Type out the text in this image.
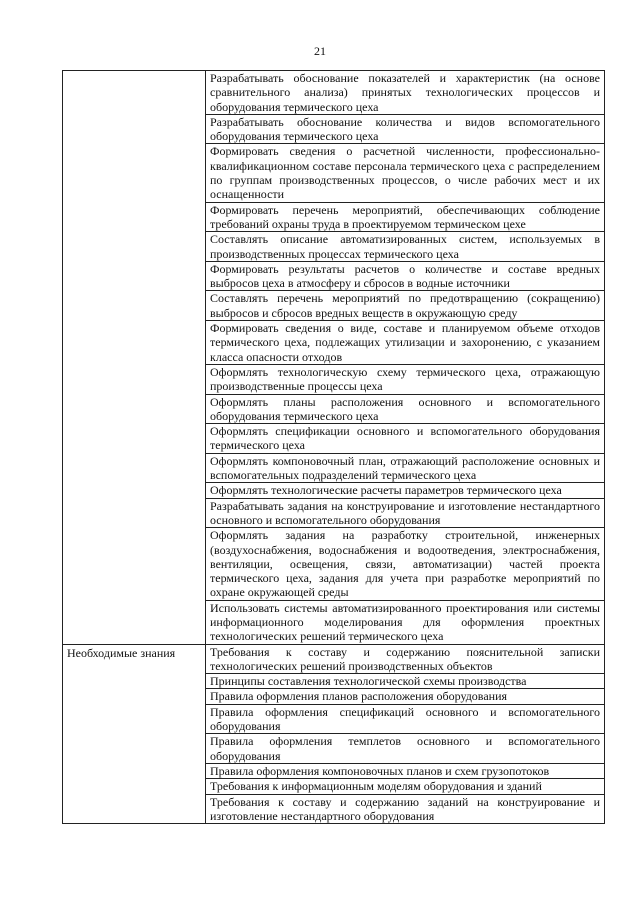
21

	Разрабатывать обоснование показателей и характеристик (на основе сравнительного анализа) принятых технологических процессов и оборудования термического цеха

	Разрабатывать обоснование количества и видов вспомогательного оборудования термического цеха

	Формировать сведения о расчетной численности, профессионально-квалификационном составе персонала термического цеха с распределением по группам производственных процессов, о числе рабочих мест и их оснащенности

	Формировать перечень мероприятий, обеспечивающих соблюдение требований охраны труда в проектируемом термическом цехе

	Составлять описание автоматизированных систем, используемых в производственных процессах термического цеха

	Формировать результаты расчетов о количестве и составе вредных выбросов цеха в атмосферу и сбросов в водные источники

	Составлять перечень мероприятий по предотвращению (сокращению) выбросов и сбросов вредных веществ в окружающую среду

	Формировать сведения о виде, составе и планируемом объеме отходов термического цеха, подлежащих утилизации и захоронению, с указанием класса опасности отходов

	Оформлять технологическую схему термического цеха, отражающую производственные процессы цеха

	Оформлять планы расположения основного и вспомогательного оборудования термического цеха

	Оформлять спецификации основного и вспомогательного оборудования термического цеха

	Оформлять компоновочный план, отражающий расположение основных и вспомогательных подразделений термического цеха

	Оформлять технологические расчеты параметров термического цеха

	Разрабатывать задания на конструирование и изготовление нестандартного основного и вспомогательного оборудования

	Оформлять задания на разработку строительной, инженерных (воздухоснабжения, водоснабжения и водоотведения, электроснабжения, вентиляции, освещения, связи, автоматизации) частей проекта термического цеха, задания для учета при разработке мероприятий по охране окружающей среды

	Использовать системы автоматизированного проектирования или системы информационного моделирования для оформления проектных технологических решений термического цеха

Необходимые знания	Требования к составу и содержанию пояснительной записки технологических решений производственных объектов

	Принципы составления технологической схемы производства

	Правила оформления планов расположения оборудования

	Правила оформления спецификаций основного и вспомогательного оборудования

	Правила оформления темплетов основного и вспомогательного оборудования

	Правила оформления компоновочных планов и схем грузопотоков

	Требования к информационным моделям оборудования и зданий

	Требования к составу и содержанию заданий на конструирование и изготовление нестандартного оборудования
